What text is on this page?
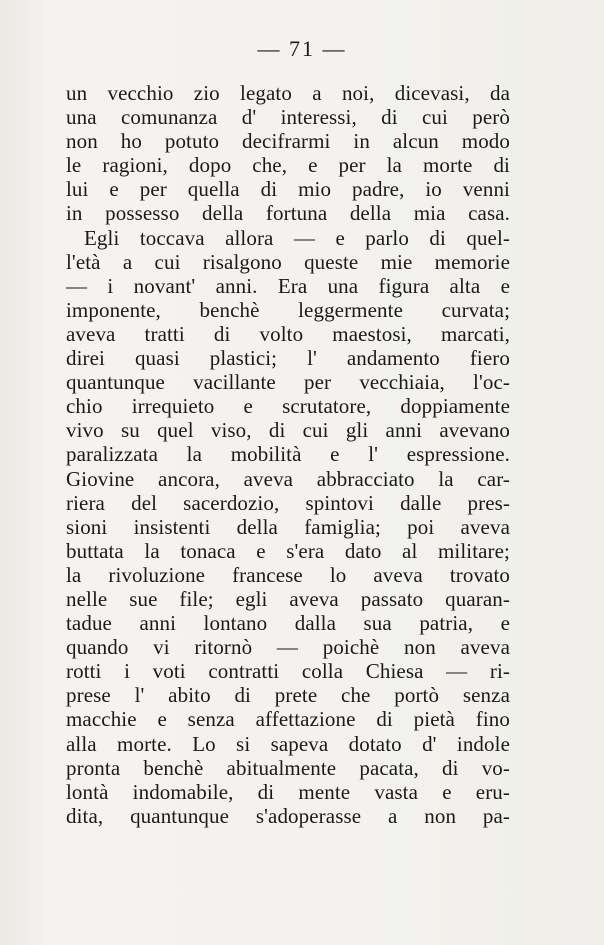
— 71 —
un vecchio zio legato a noi, dicevasi, da
una comunanza d' interessi, di cui però
non ho potuto decifrarmi in alcun modo
le ragioni, dopo che, e per la morte di
lui e per quella di mio padre, io venni
in possesso della fortuna della mia casa.
Egli toccava allora — e parlo di quel-
l'età a cui risalgono queste mie memorie
— i novant' anni. Era una figura alta e
imponente, benchè leggermente curvata;
aveva tratti di volto maestosi, marcati,
direi quasi plastici; l' andamento fiero
quantunque vacillante per vecchiaia, l'oc-
chio irrequieto e scrutatore, doppiamente
vivo su quel viso, di cui gli anni avevano
paralizzata la mobilità e l' espressione.
Giovine ancora, aveva abbracciato la car-
riera del sacerdozio, spintovi dalle pres-
sioni insistenti della famiglia; poi aveva
buttata la tonaca e s'era dato al militare;
la rivoluzione francese lo aveva trovato
nelle sue file; egli aveva passato quaran-
tadue anni lontano dalla sua patria, e
quando vi ritornò — poichè non aveva
rotti i voti contratti colla Chiesa — ri-
prese l' abito di prete che portò senza
macchie e senza affettazione di pietà fino
alla morte. Lo si sapeva dotato d' indole
pronta benchè abitualmente pacata, di vo-
lontà indomabile, di mente vasta e eru-
dita, quantunque s'adoperasse a non pa-
